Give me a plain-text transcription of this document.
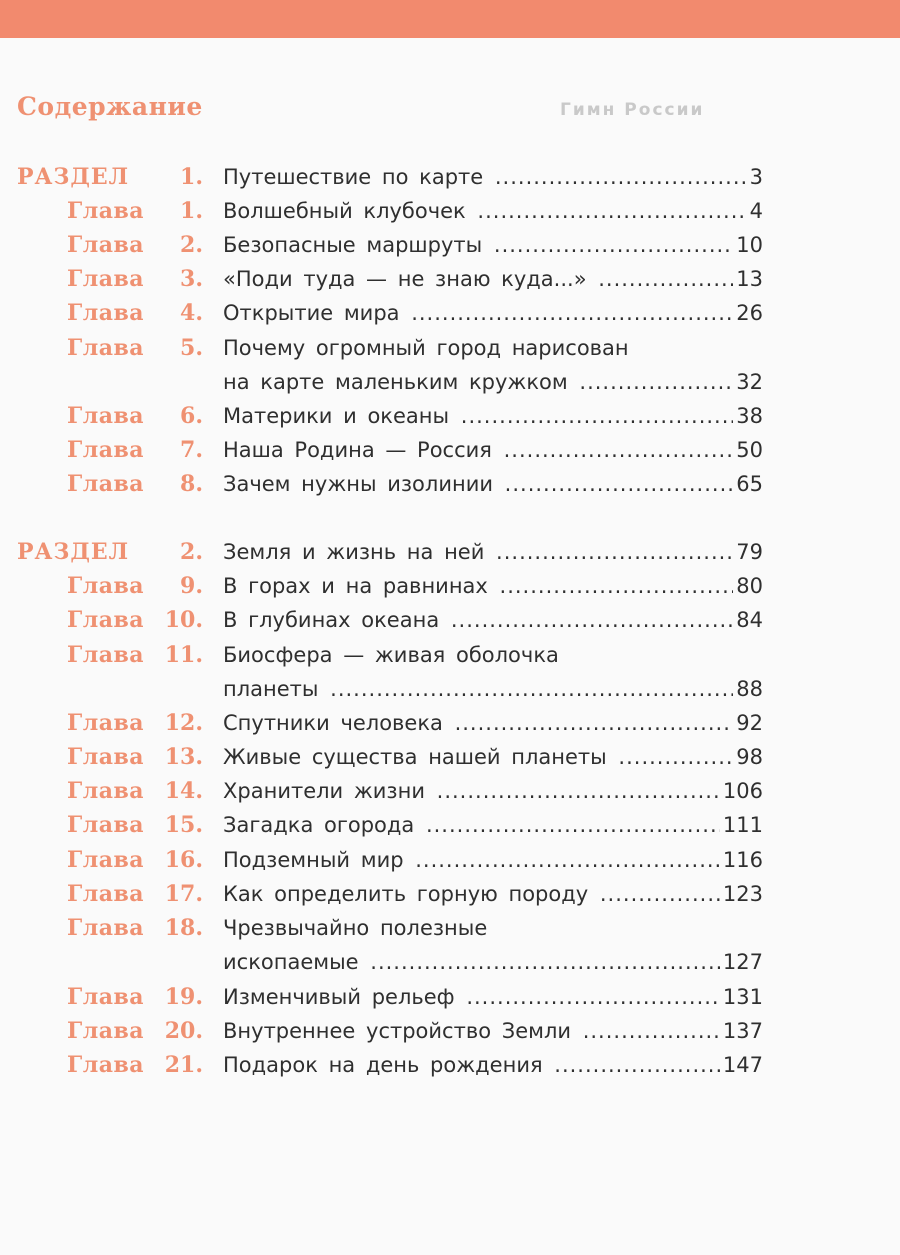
Содержание	Гимн России
РАЗДЕЛ	1. Путешествие по карте .....	3
Глава	1. Волшебный клубочек .....	4
Глава	2. Безопасные маршруты .....	10
Глава	3. «Поди туда — не знаю куда...» .....	13
Глава	4. Открытие мира .....	26
Глава	5. Почему огромный город нарисован
на карте маленьким кружком .....	32
Глава	6. Материки и океаны .....	38
Глава	7. Наша Родина — Россия .....	50
Глава	8. Зачем нужны изолинии .....	65
РАЗДЕЛ	2. Земля и жизнь на ней .....	79
Глава	9. В горах и на равнинах .....	80
Глава 10. В глубинах океана .....	84
Глава 11. Биосфера — живая оболочка
планеты .....	88
Глава 12. Спутники человека .....	92
Глава 13. Живые существа нашей планеты .....	98
Глава 14. Хранители жизни .....	106
Глава 15. Загадка огорода .....	111
Глава 16. Подземный мир .....	116
Глава 17. Как определить горную породу .....	123
Глава 18. Чрезвычайно полезные
ископаемые .....	127
Глава 19. Изменчивый рельеф .....	131
Глава 20. Внутреннее устройство Земли .....	137
Глава 21. Подарок на день рождения .....	147
